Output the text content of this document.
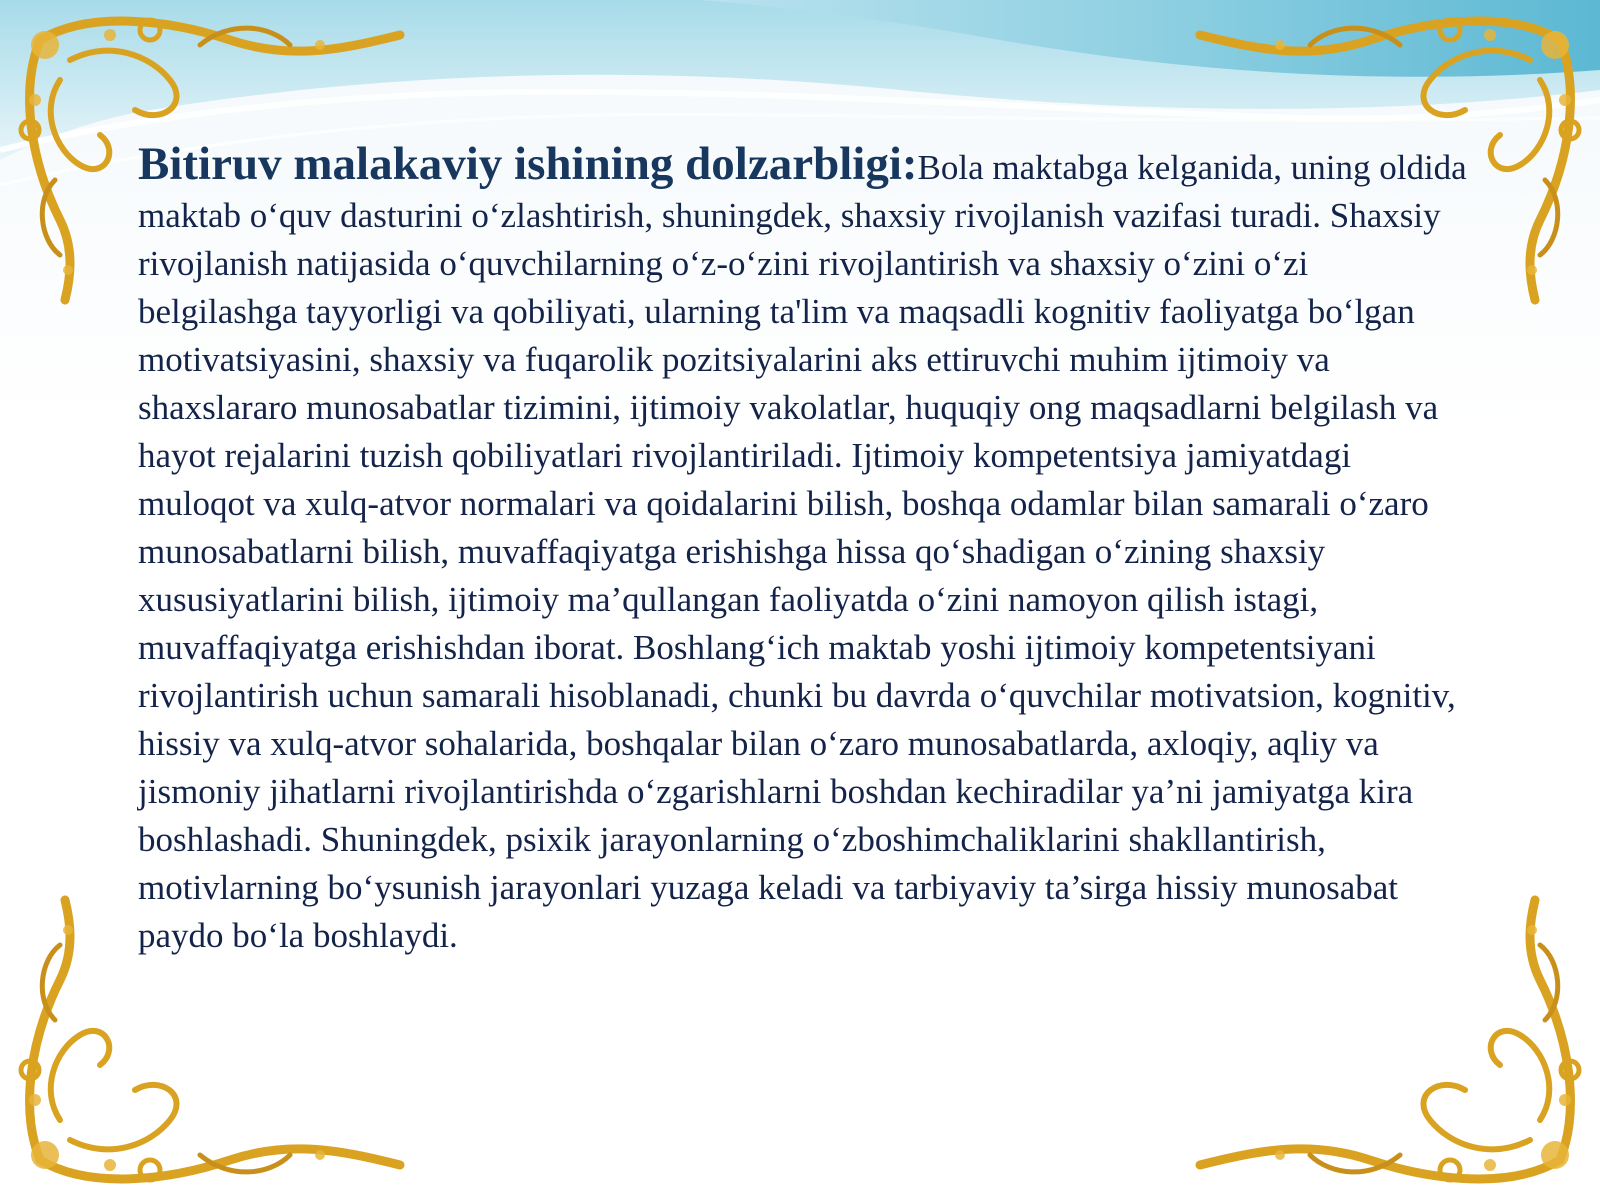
Bitiruv malakaviy ishining dolzarbligi:Bola maktabga kelganida, uning oldida maktab o‘quv dasturini o‘zlashtirish, shuningdek, shaxsiy rivojlanish vazifasi turadi. Shaxsiy rivojlanish natijasida o‘quvchilarning o‘z-o‘zini rivojlantirish va shaxsiy o‘zini o‘zi belgilashga tayyorligi va qobiliyati, ularning ta'lim va maqsadli kognitiv faoliyatga bo‘lgan motivatsiyasini, shaxsiy va fuqarolik pozitsiyalarini aks ettiruvchi muhim ijtimoiy va shaxslararo munosabatlar tizimini, ijtimoiy vakolatlar, huquqiy ong maqsadlarni belgilash va hayot rejalarini tuzish qobiliyatlari rivojlantiriladi. Ijtimoiy kompetentsiya jamiyatdagi muloqot va xulq-atvor normalari va qoidalarini bilish, boshqa odamlar bilan samarali o‘zaro munosabatlarni bilish, muvaffaqiyatga erishishga hissa qo‘shadigan o‘zining shaxsiy xususiyatlarini bilish, ijtimoiy ma’qullangan faoliyatda o‘zini namoyon qilish istagi, muvaffaqiyatga erishishdan iborat. Boshlang‘ich maktab yoshi ijtimoiy kompetentsiyani rivojlantirish uchun samarali hisoblanadi, chunki bu davrda o‘quvchilar motivatsion, kognitiv, hissiy va xulq-atvor sohalarida, boshqalar bilan o‘zaro munosabatlarda, axloqiy, aqliy va jismoniy jihatlarni rivojlantirishda o‘zgarishlarni boshdan kechiradilar ya’ni jamiyatga kira boshlashadi. Shuningdek, psixik jarayonlarning o‘zboshimchaliklarini shakllantirish, motivlarning bo‘ysunish jarayonlari yuzaga keladi va tarbiyaviy ta’sirga hissiy munosabat paydo bo‘la boshlaydi.
